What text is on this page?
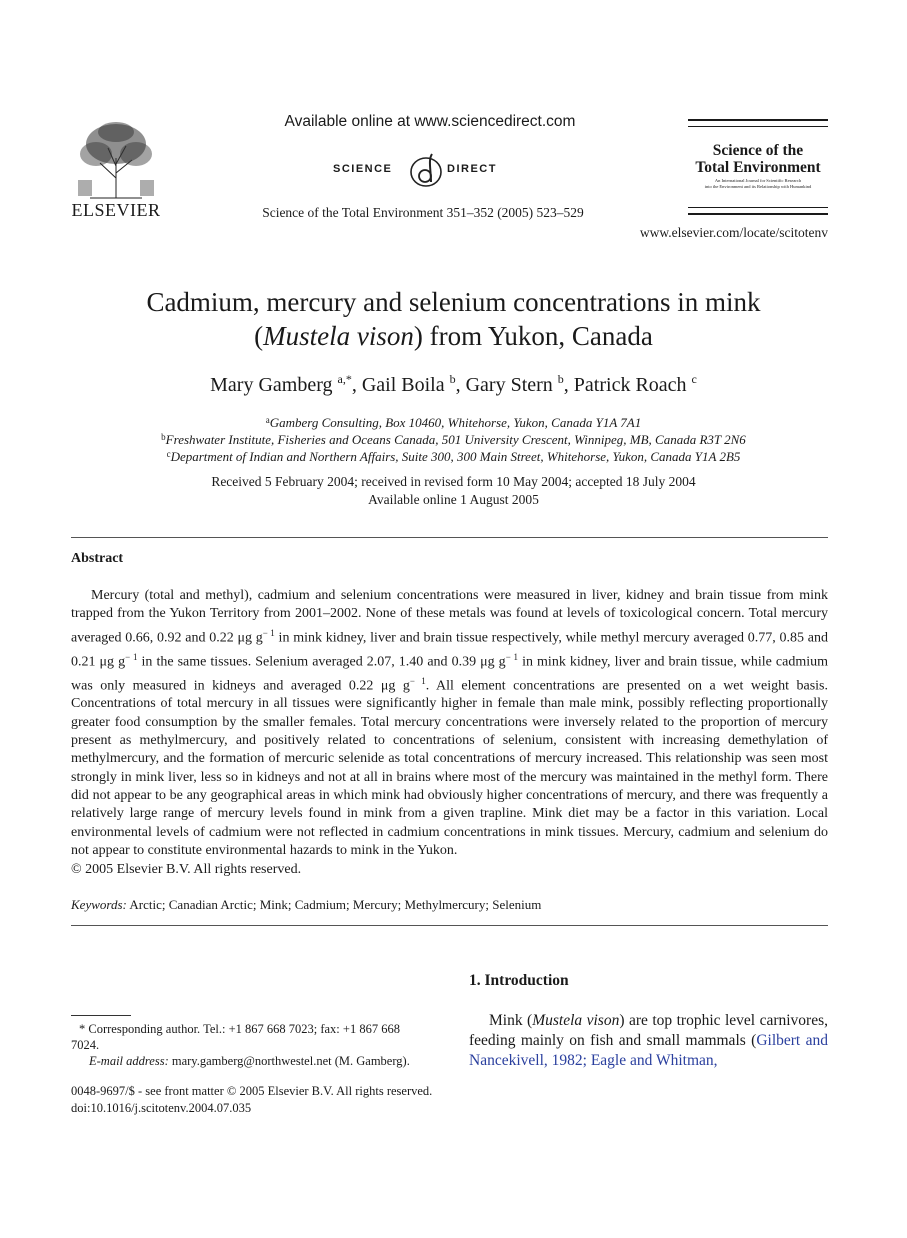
ELSEVIER
Available online at www.sciencedirect.com
SCIENCE	DIRECT
Science of the Total Environment 351–352 (2005) 523–529
Science of the
Total Environment
An International Journal for Scientific Research
into the Environment and its Relationship with Humankind
www.elsevier.com/locate/scitotenv
Cadmium, mercury and selenium concentrations in mink
(Mustela vison) from Yukon, Canada
Mary Gamberg $^{a,*}$, Gail Boila $^b$, Gary Stern $^b$, Patrick Roach $^c$
$^a$Gamberg Consulting, Box 10460, Whitehorse, Yukon, Canada Y1A 7A1
$^b$Freshwater Institute, Fisheries and Oceans Canada, 501 University Crescent, Winnipeg, MB, Canada R3T 2N6
$^c$Department of Indian and Northern Affairs, Suite 300, 300 Main Street, Whitehorse, Yukon, Canada Y1A 2B5
Received 5 February 2004; received in revised form 10 May 2004; accepted 18 July 2004
Available online 1 August 2005
Abstract
Mercury (total and methyl), cadmium and selenium concentrations were measured in liver, kidney and brain tissue from mink trapped from the Yukon Territory from 2001–2002. None of these metals was found at levels of toxicological concern. Total mercury averaged 0.66, 0.92 and 0.22 μg $g^{- 1}$ in mink kidney, liver and brain tissue respectively, while methyl mercury averaged 0.77, 0.85 and 0.21 μg $g^{- 1}$ in the same tissues. Selenium averaged 2.07, 1.40 and 0.39 μg $g^{- 1}$ in mink kidney, liver and brain tissue, while cadmium was only measured in kidneys and averaged 0.22 μg $g^{- 1}$. All element concentrations are presented on a wet weight basis. Concentrations of total mercury in all tissues were significantly higher in female than male mink, possibly reflecting proportionally greater food consumption by the smaller females. Total mercury concentrations were inversely related to the proportion of mercury present as methylmercury, and positively related to concentrations of selenium, consistent with increasing demethylation of methylmercury, and the formation of mercuric selenide as total concentrations of mercury increased. This relationship was seen most strongly in mink liver, less so in kidneys and not at all in brains where most of the mercury was maintained in the methyl form. There did not appear to be any geographical areas in which mink had obviously higher concentrations of mercury, and there was frequently a relatively large range of mercury levels found in mink from a given trapline. Mink diet may be a factor in this variation. Local environmental levels of cadmium were not reflected in cadmium concentrations in mink tissues. Mercury, cadmium and selenium do not appear to constitute environmental hazards to mink in the Yukon.
© 2005 Elsevier B.V. All rights reserved.
Keywords: Arctic; Canadian Arctic; Mink; Cadmium; Mercury; Methylmercury; Selenium
1. Introduction
Mink (Mustela vison) are top trophic level carnivores, feeding mainly on fish and small mammals (Gilbert and Nancekivell, 1982; Eagle and Whitman,
* Corresponding author. Tel.: +1 867 668 7023; fax: +1 867 668 7024.
E-mail address: mary.gamberg@northwestel.net (M. Gamberg).
0048-9697/$ - see front matter © 2005 Elsevier B.V. All rights reserved.
doi:10.1016/j.scitotenv.2004.07.035
